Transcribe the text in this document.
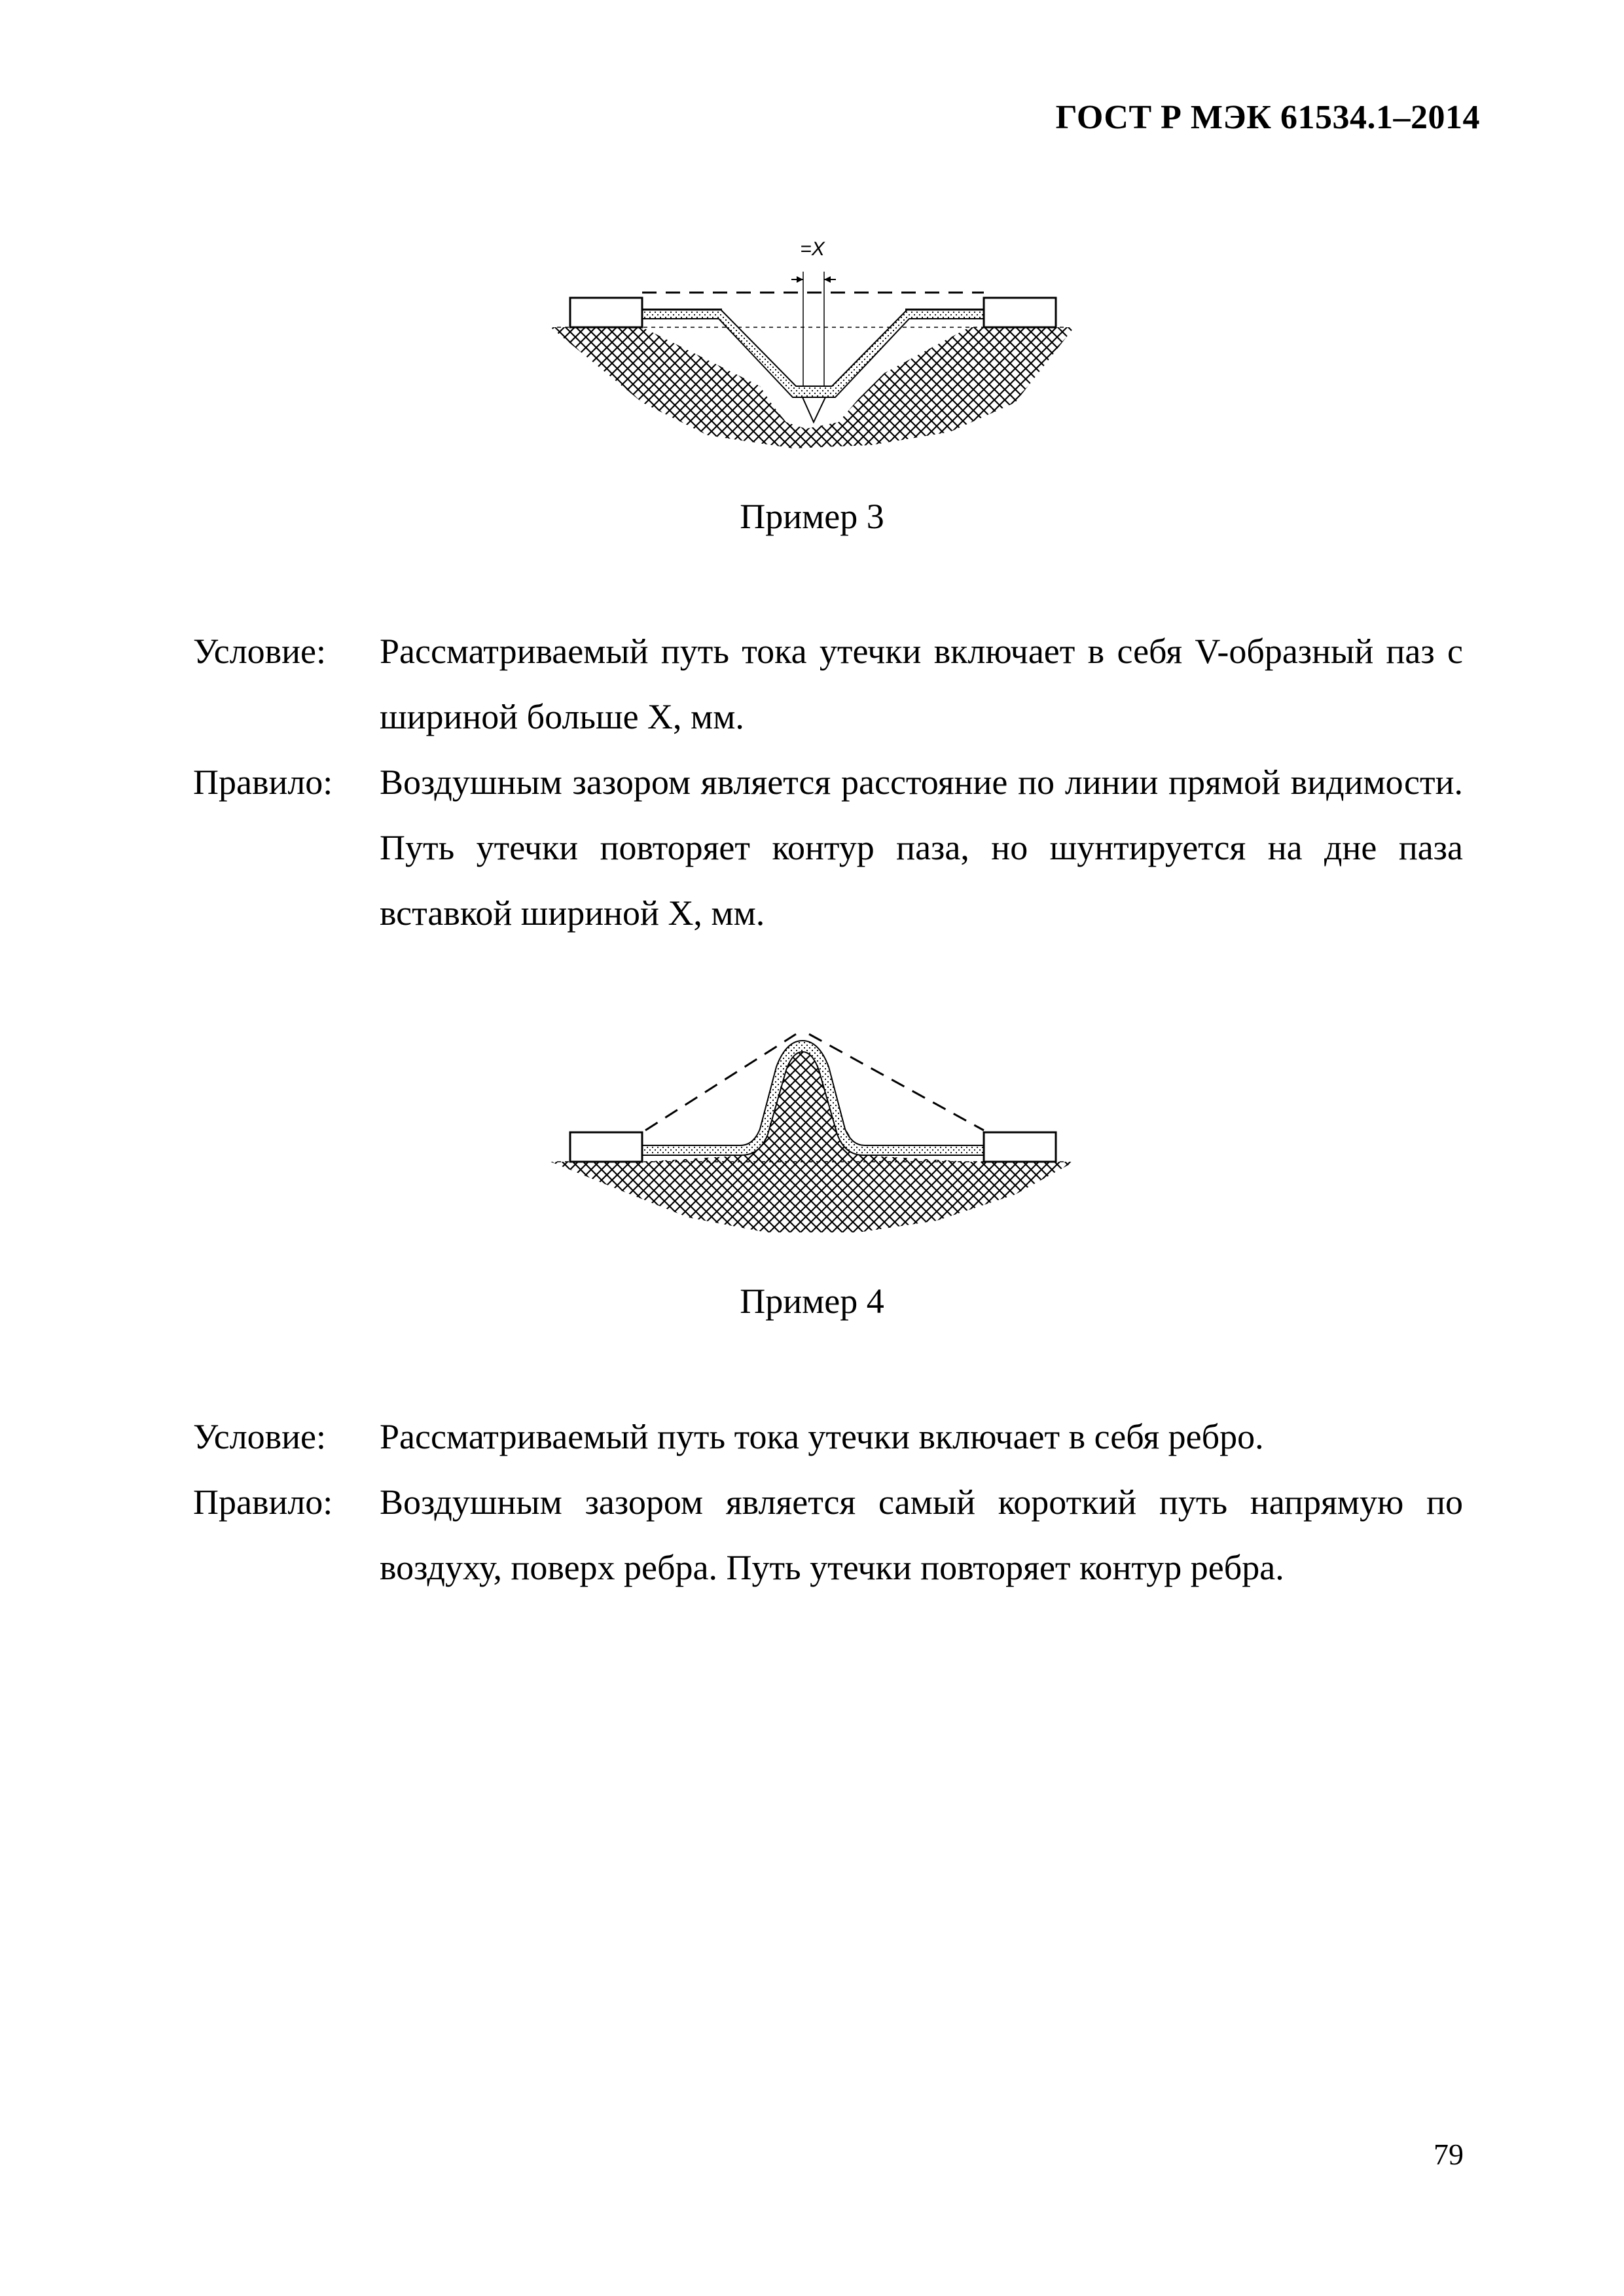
ГОСТ Р МЭК 61534.1–2014
=X
Пример 3
Условие:	Рассматриваемый путь тока утечки включает в себя V-образный паз с шириной больше X, мм.
Правило:	Воздушным зазором является расстояние по линии прямой видимости. Путь утечки повторяет контур паза, но шунтируется на дне паза вставкой шириной X, мм.
Пример 4
Условие:	Рассматриваемый путь тока утечки включает в себя ребро.
Правило:	Воздушным зазором является самый короткий путь напрямую по воздуху, поверх ребра. Путь утечки повторяет контур ребра.
79
